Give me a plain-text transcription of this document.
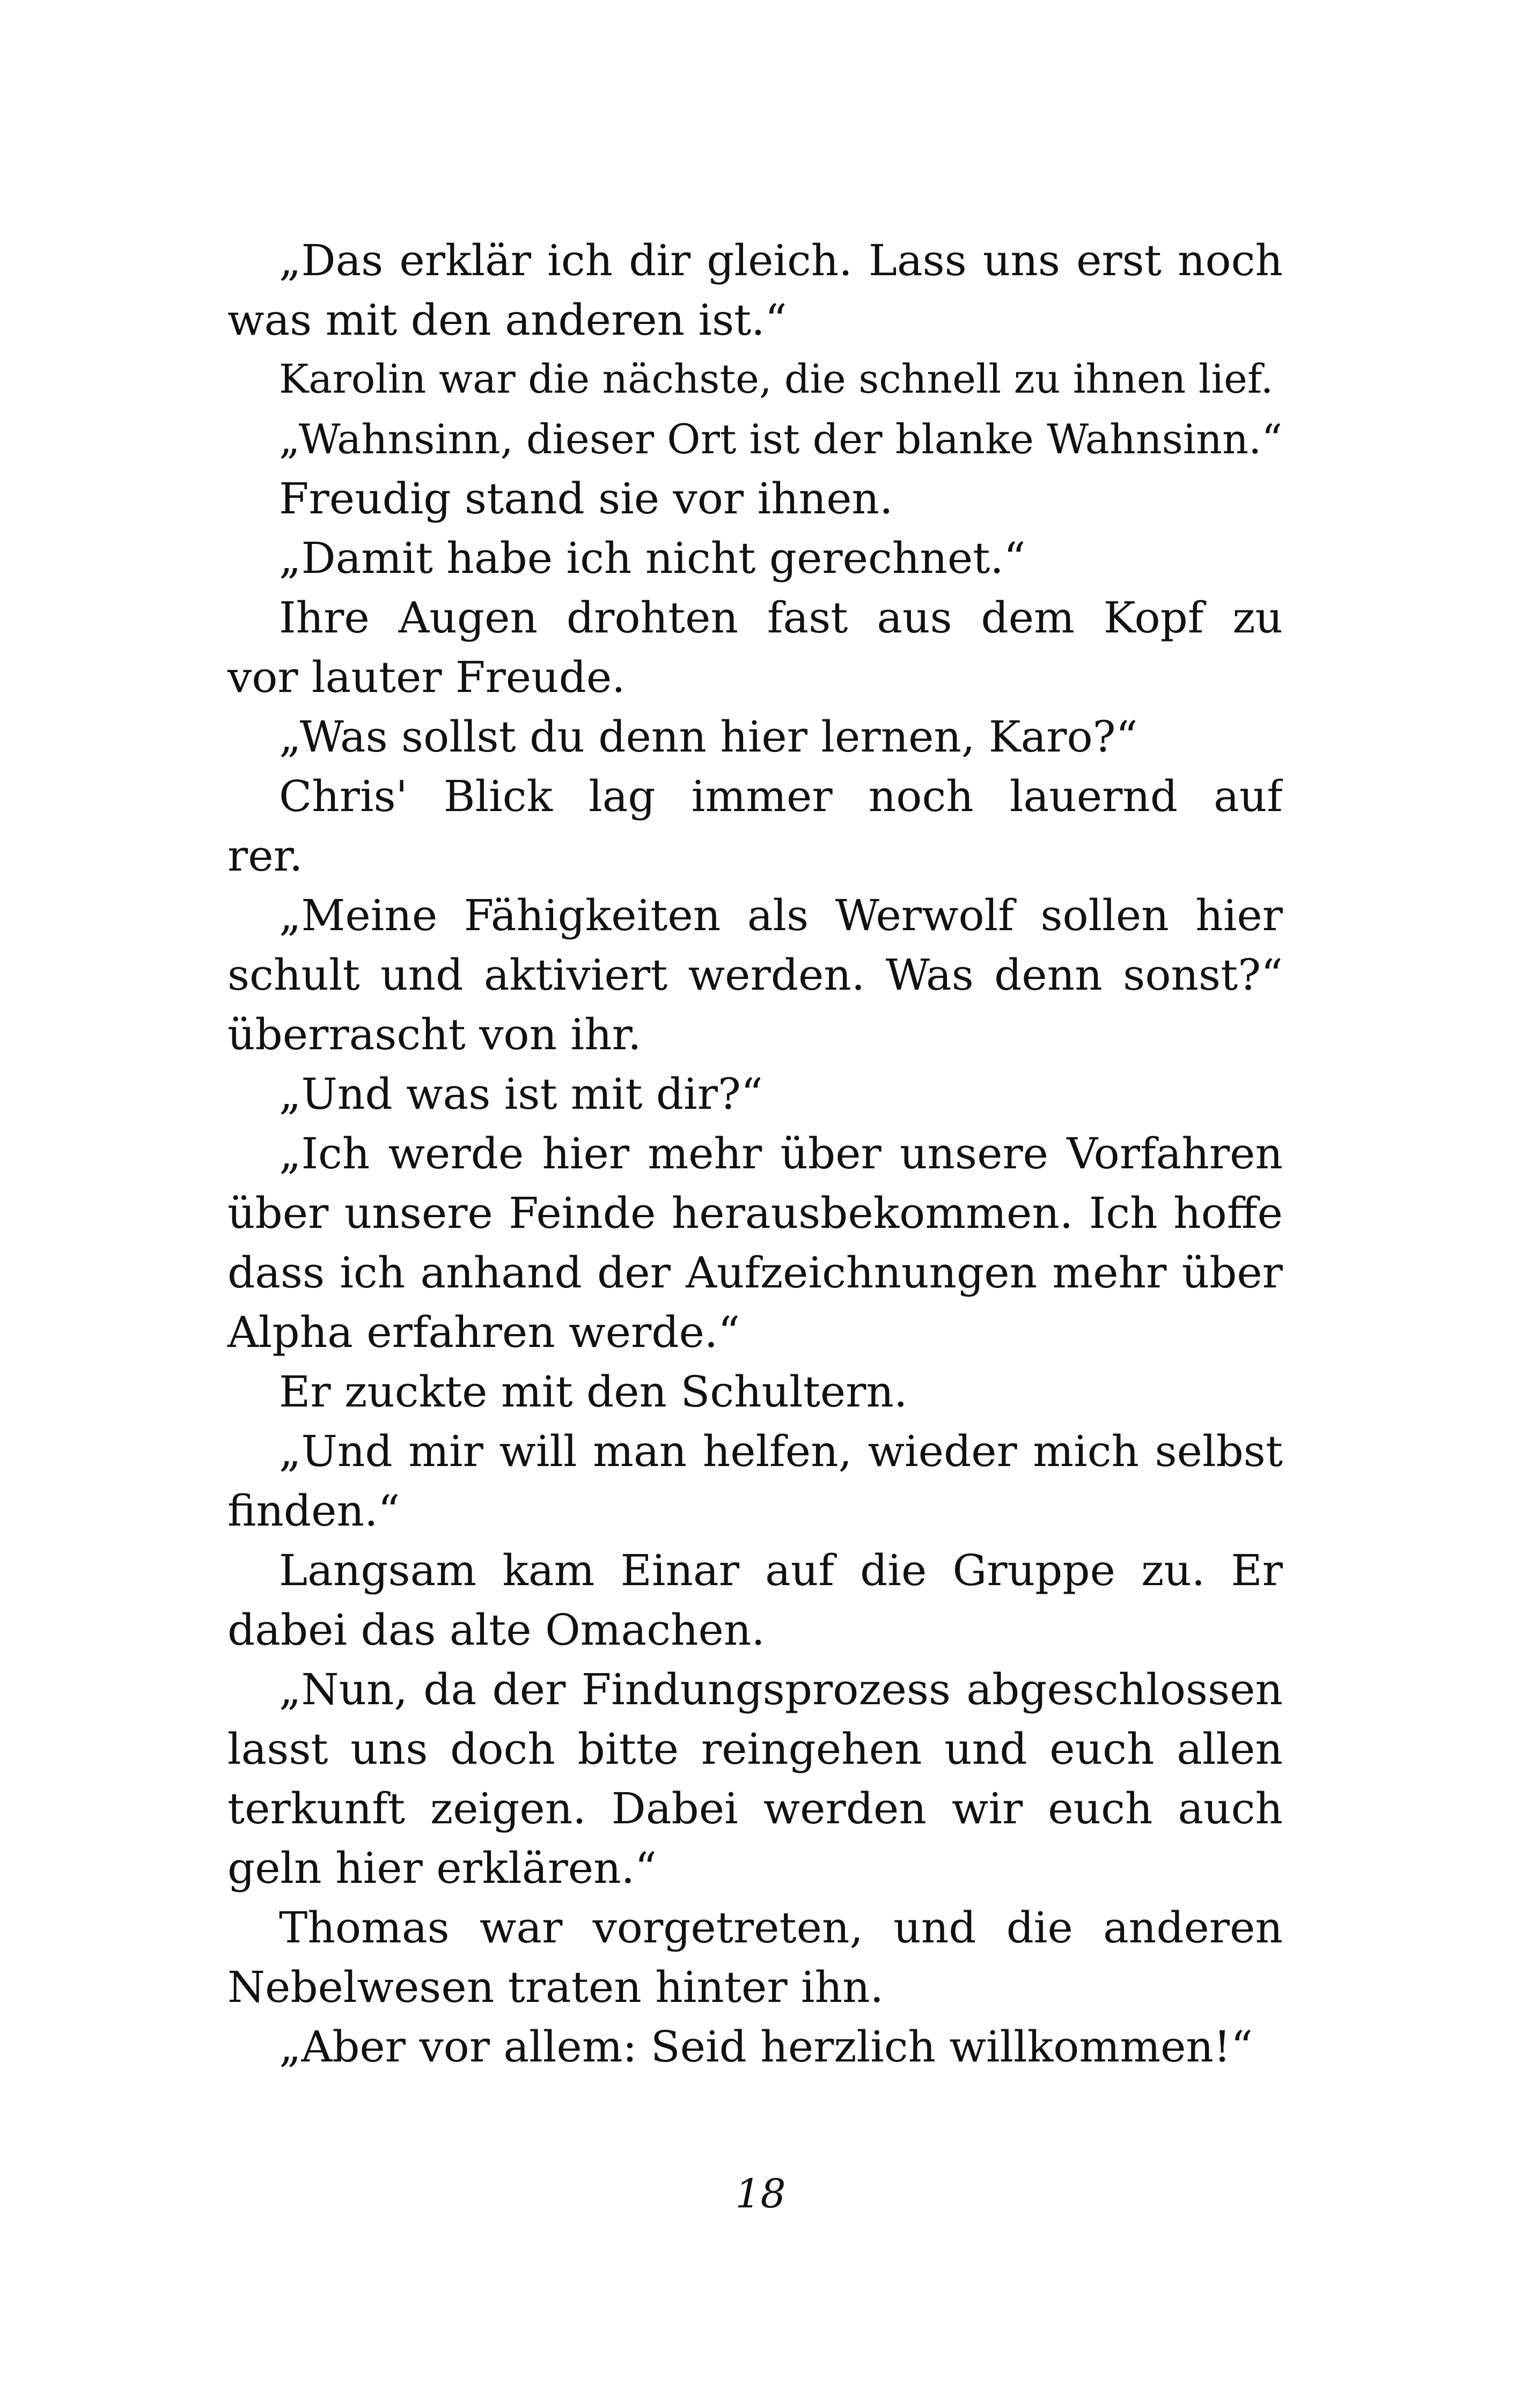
„Das erklär ich dir gleich. Lass uns erst noch
was mit den anderen ist.“
Karolin war die nächste, die schnell zu ihnen lief.
„Wahnsinn, dieser Ort ist der blanke Wahnsinn.“
Freudig stand sie vor ihnen.
„Damit habe ich nicht gerechnet.“
Ihre Augen drohten fast aus dem Kopf zu
vor lauter Freude.
„Was sollst du denn hier lernen, Karo?“
Chris' Blick lag immer noch lauernd auf
rer.
„Meine Fähigkeiten als Werwolf sollen hier
schult und aktiviert werden. Was denn sonst?“
überrascht von ihr.
„Und was ist mit dir?“
„Ich werde hier mehr über unsere Vorfahren
über unsere Feinde herausbekommen. Ich hoffe
dass ich anhand der Aufzeichnungen mehr über
Alpha erfahren werde.“
Er zuckte mit den Schultern.
„Und mir will man helfen, wieder mich selbst
finden.“
Langsam kam Einar auf die Gruppe zu. Er
dabei das alte Omachen.
„Nun, da der Findungsprozess abgeschlossen
lasst uns doch bitte reingehen und euch allen
terkunft zeigen. Dabei werden wir euch auch
geln hier erklären.“
Thomas war vorgetreten, und die anderen
Nebelwesen traten hinter ihn.
„Aber vor allem: Seid herzlich willkommen!“
18
